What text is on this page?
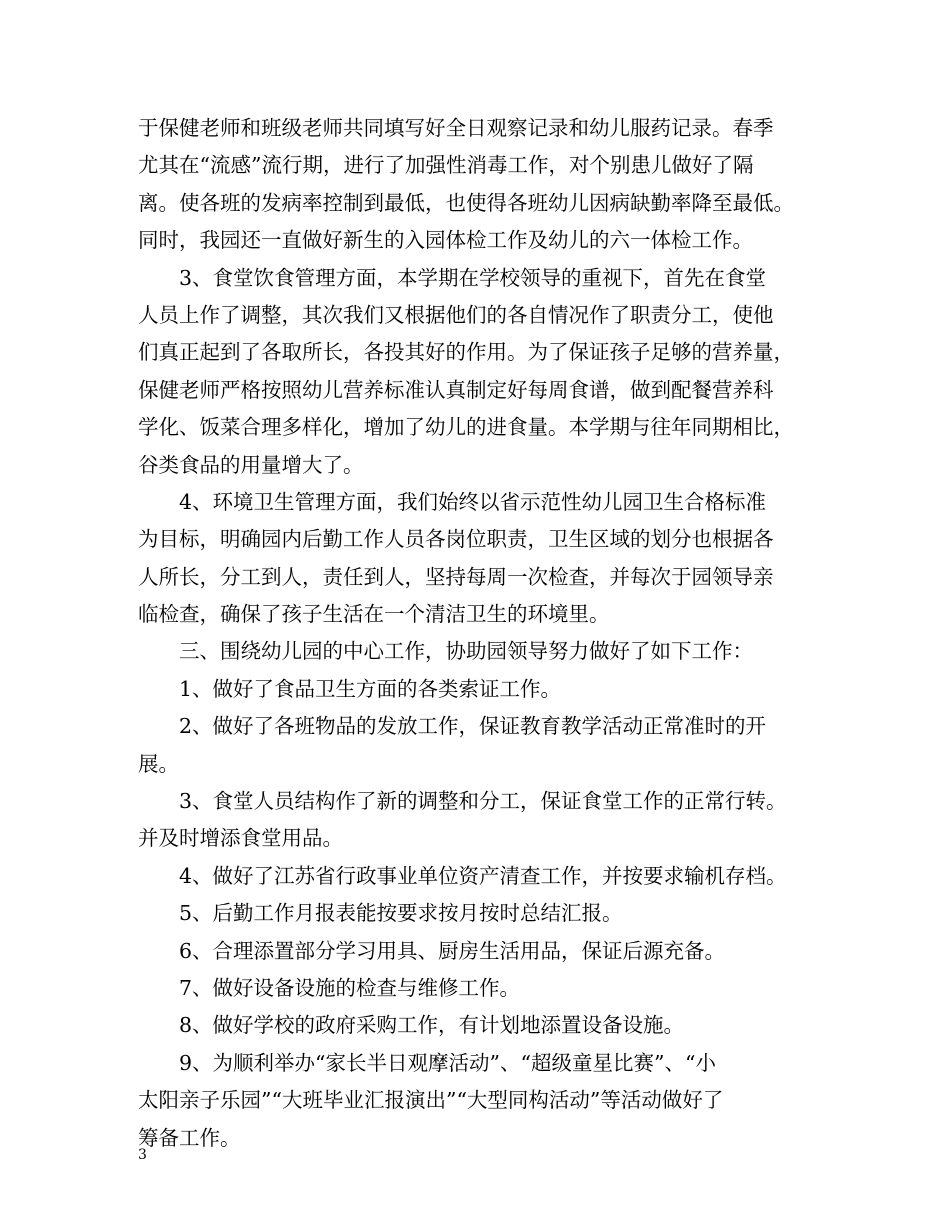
于保健老师和班级老师共同填写好全日观察记录和幼儿服药记录。春季
尤其在“流感”流行期，进行了加强性消毒工作，对个别患儿做好了隔
离。使各班的发病率控制到最低，也使得各班幼儿因病缺勤率降至最低。
同时，我园还一直做好新生的入园体检工作及幼儿的六一体检工作。
3、食堂饮食管理方面，本学期在学校领导的重视下，首先在食堂
人员上作了调整，其次我们又根据他们的各自情况作了职责分工，使他
们真正起到了各取所长，各投其好的作用。为了保证孩子足够的营养量，
保健老师严格按照幼儿营养标准认真制定好每周食谱，做到配餐营养科
学化、饭菜合理多样化，增加了幼儿的进食量。本学期与往年同期相比，
谷类食品的用量增大了。
4、环境卫生管理方面，我们始终以省示范性幼儿园卫生合格标准
为目标，明确园内后勤工作人员各岗位职责，卫生区域的划分也根据各
人所长，分工到人，责任到人，坚持每周一次检查，并每次于园领导亲
临检查，确保了孩子生活在一个清洁卫生的环境里。
三、围绕幼儿园的中心工作，协助园领导努力做好了如下工作：
1、做好了食品卫生方面的各类索证工作。
2、做好了各班物品的发放工作，保证教育教学活动正常准时的开
展。
3、食堂人员结构作了新的调整和分工，保证食堂工作的正常行转。
并及时增添食堂用品。
4、做好了江苏省行政事业单位资产清查工作，并按要求输机存档。
5、后勤工作月报表能按要求按月按时总结汇报。
6、合理添置部分学习用具、厨房生活用品，保证后源充备。
7、做好设备设施的检查与维修工作。
8、做好学校的政府采购工作，有计划地添置设备设施。
9、为顺利举办“家长半日观摩活动”、“超级童星比赛”、“小
太阳亲子乐园”“大班毕业汇报演出”“大型同构活动”等活动做好了
筹备工作。
3
